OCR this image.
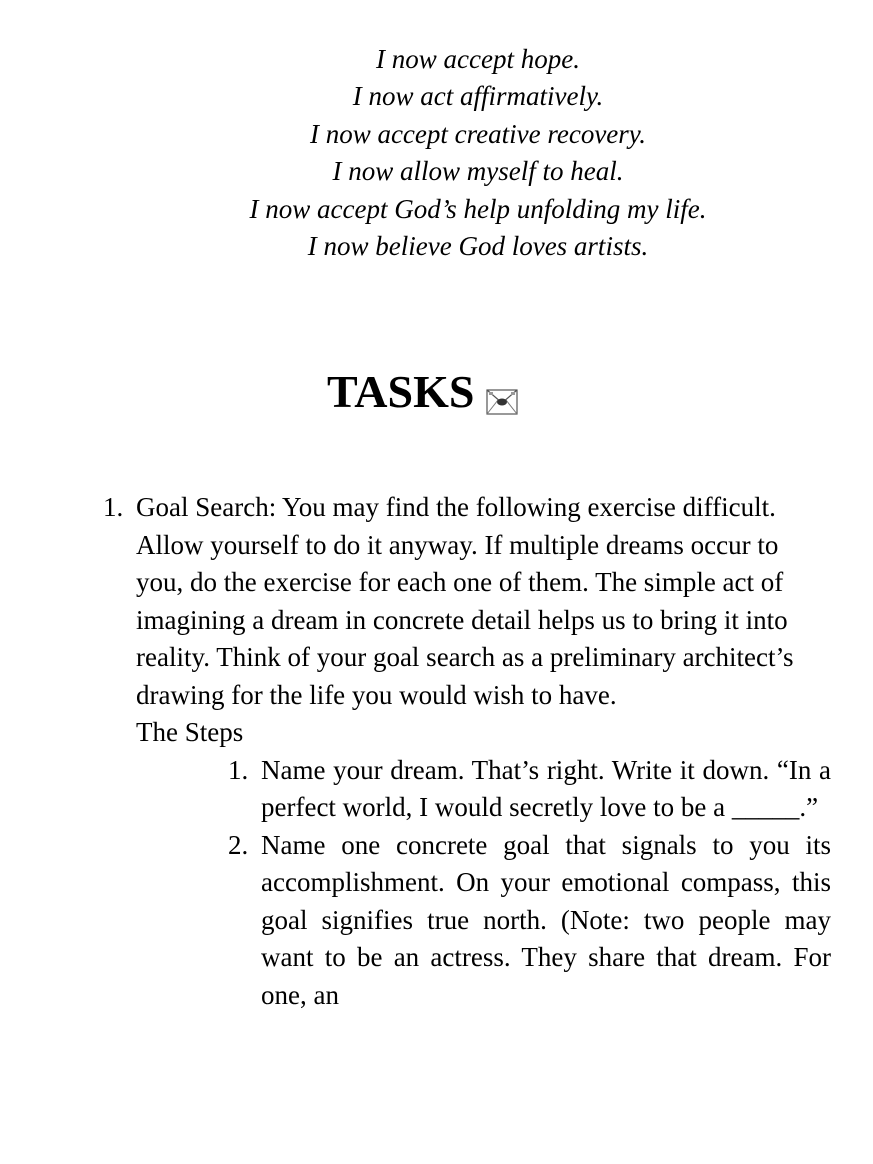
I now accept hope.
I now act affirmatively.
I now accept creative recovery.
I now allow myself to heal.
I now accept God’s help unfolding my life.
I now believe God loves artists.
TASKS
1. Goal Search: You may find the following exercise difficult. Allow yourself to do it anyway. If multiple dreams occur to you, do the exercise for each one of them. The simple act of imagining a dream in concrete detail helps us to bring it into reality. Think of your goal search as a preliminary architect’s drawing for the life you would wish to have.
The Steps
1. Name your dream. That’s right. Write it down. “In a perfect world, I would secretly love to be a _____.”
2. Name one concrete goal that signals to you its accomplishment. On your emotional compass, this goal signifies true north. (Note: two people may want to be an actress. They share that dream. For one, an
